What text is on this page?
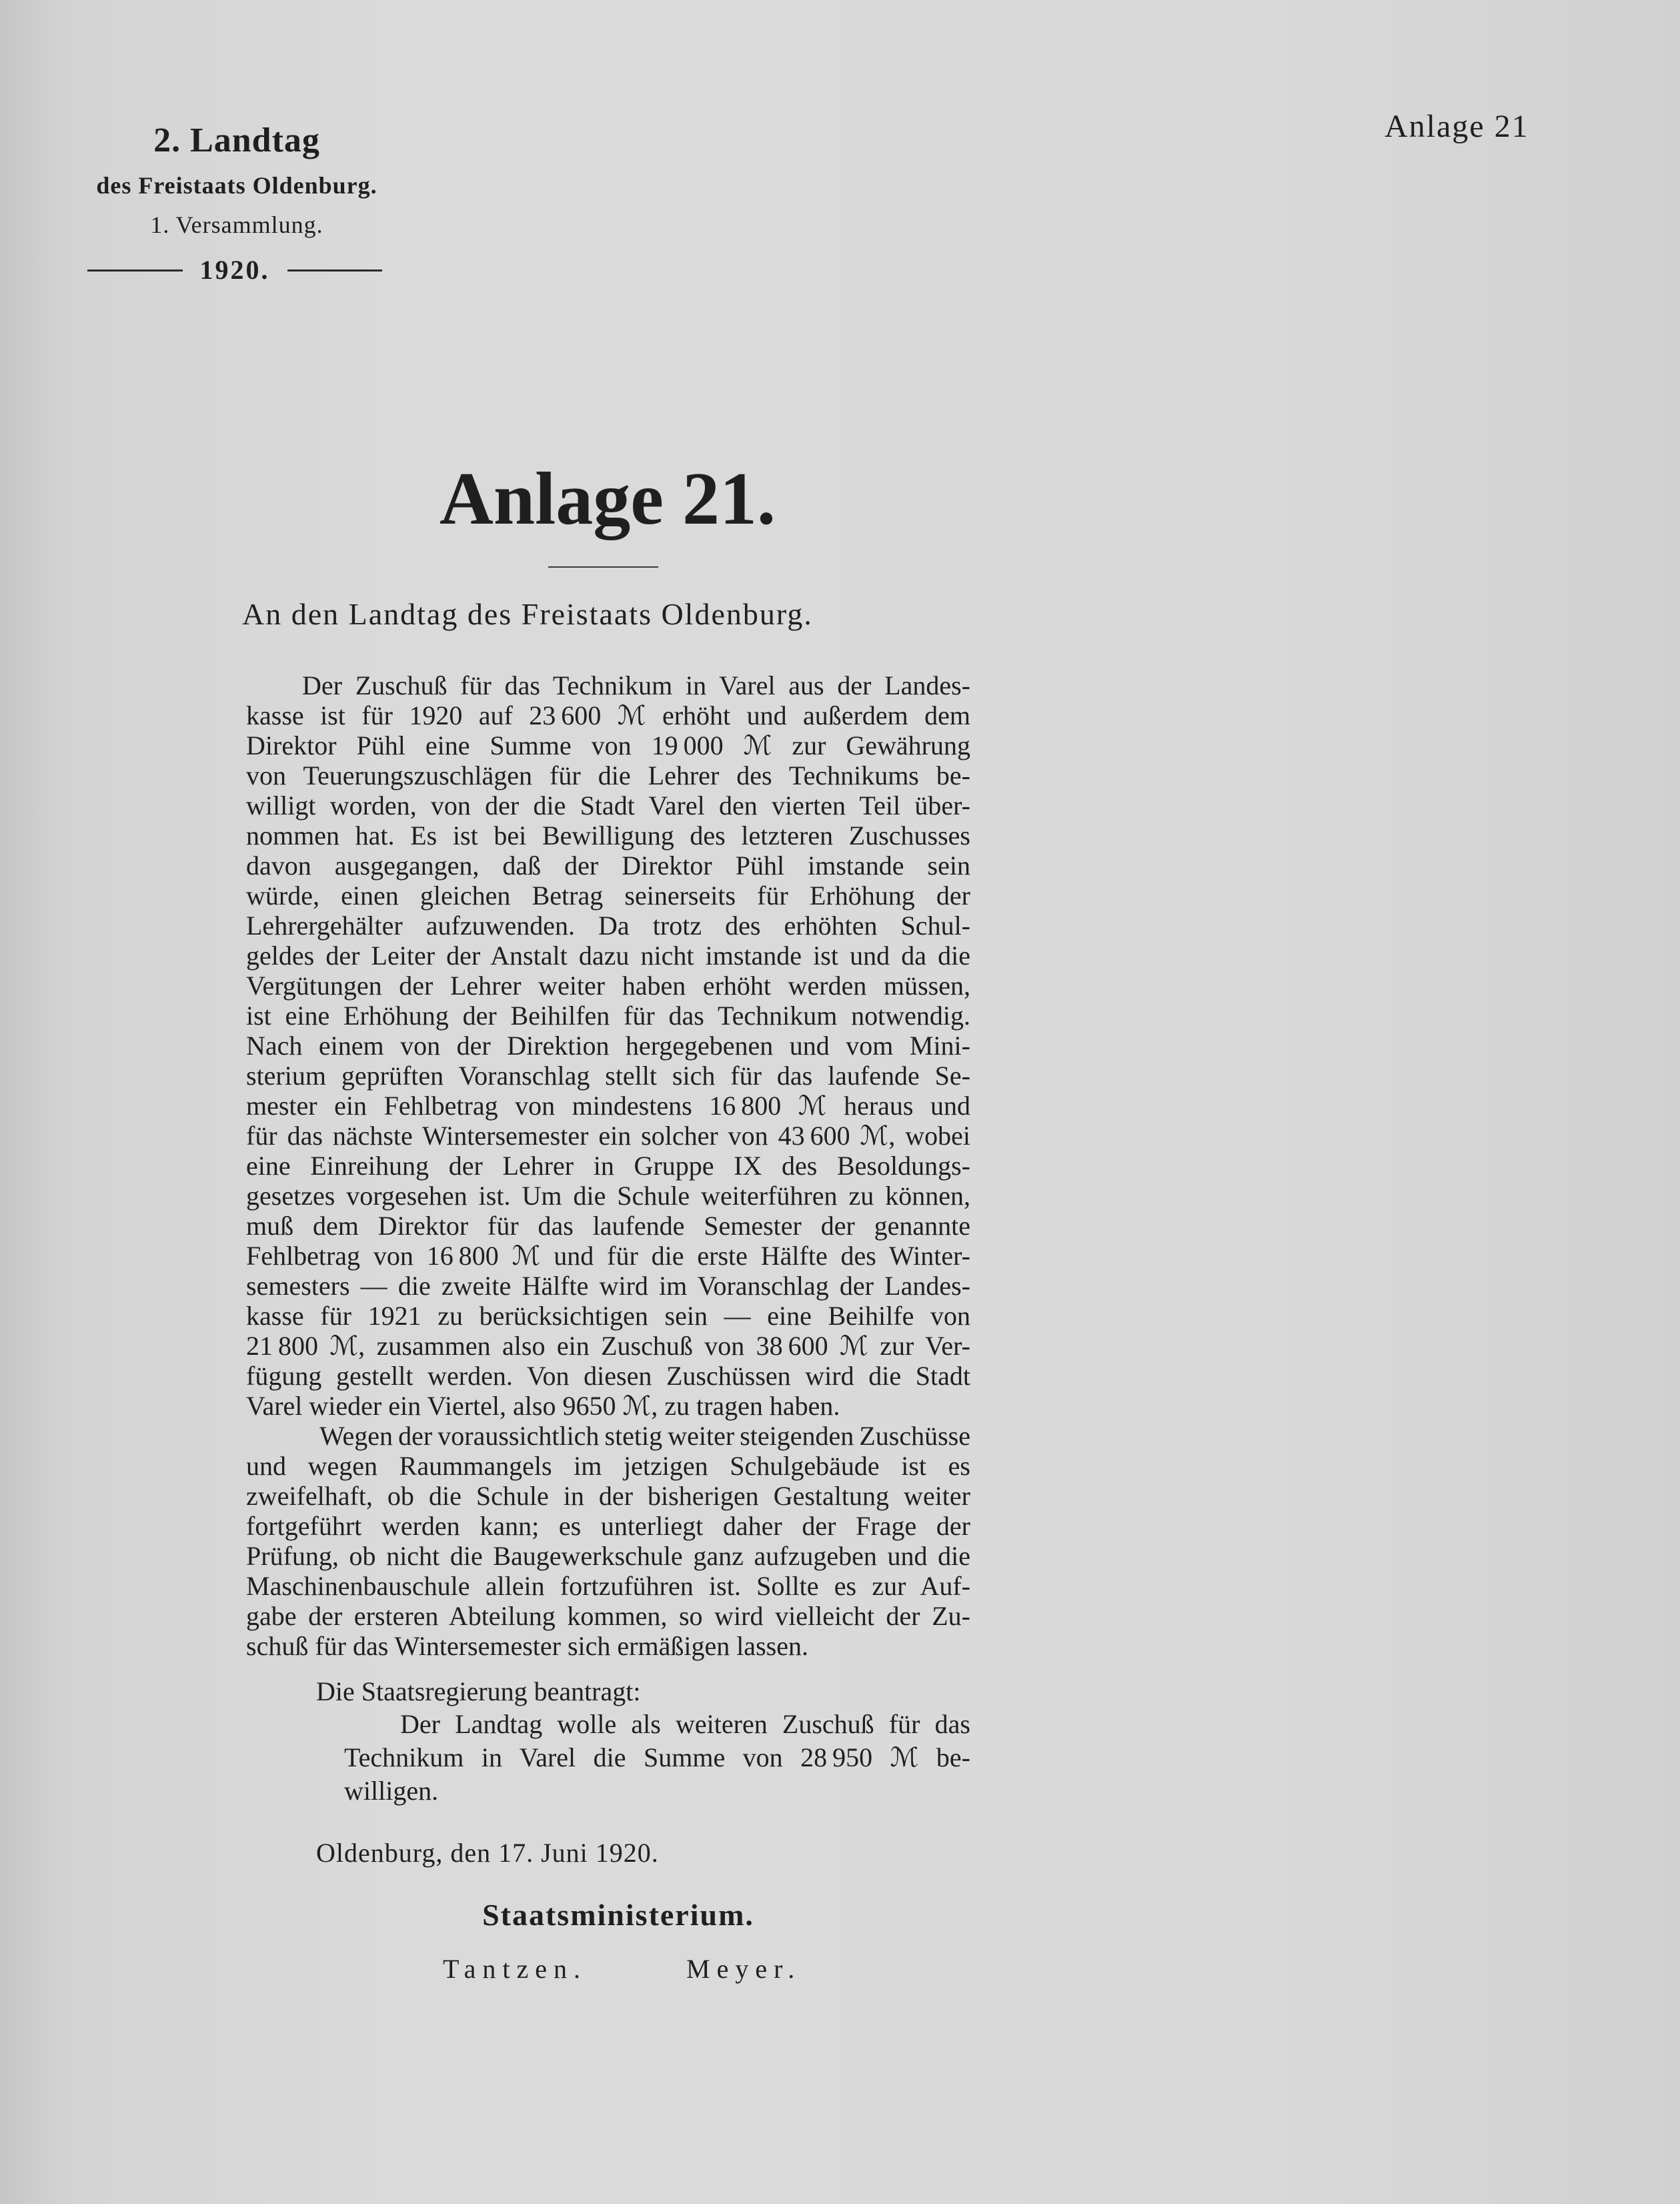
2. Landtag
des Freistaats Oldenburg.
1. Versammlung.
1920.
Anlage 21
Anlage 21.
An den Landtag des Freistaats Oldenburg.
Der Zuschuß für das Technikum in Varel aus der Landes-
kasse ist für 1920 auf 23 600 ℳ erhöht und außerdem dem
Direktor Pühl eine Summe von 19 000 ℳ zur Gewährung
von Teuerungszuschlägen für die Lehrer des Technikums be-
willigt worden, von der die Stadt Varel den vierten Teil über-
nommen hat. Es ist bei Bewilligung des letzteren Zuschusses
davon ausgegangen, daß der Direktor Pühl imstande sein
würde, einen gleichen Betrag seinerseits für Erhöhung der
Lehrergehälter aufzuwenden. Da trotz des erhöhten Schul-
geldes der Leiter der Anstalt dazu nicht imstande ist und da die
Vergütungen der Lehrer weiter haben erhöht werden müssen,
ist eine Erhöhung der Beihilfen für das Technikum notwendig.
Nach einem von der Direktion hergegebenen und vom Mini-
sterium geprüften Voranschlag stellt sich für das laufende Se-
mester ein Fehlbetrag von mindestens 16 800 ℳ heraus und
für das nächste Wintersemester ein solcher von 43 600 ℳ, wobei
eine Einreihung der Lehrer in Gruppe IX des Besoldungs-
gesetzes vorgesehen ist. Um die Schule weiterführen zu können,
muß dem Direktor für das laufende Semester der genannte
Fehlbetrag von 16 800 ℳ und für die erste Hälfte des Winter-
semesters — die zweite Hälfte wird im Voranschlag der Landes-
kasse für 1921 zu berücksichtigen sein — eine Beihilfe von
21 800 ℳ, zusammen also ein Zuschuß von 38 600 ℳ zur Ver-
fügung gestellt werden. Von diesen Zuschüssen wird die Stadt
Varel wieder ein Viertel, also 9650 ℳ, zu tragen haben.
Wegen der voraussichtlich stetig weiter steigenden Zuschüsse
und wegen Raummangels im jetzigen Schulgebäude ist es
zweifelhaft, ob die Schule in der bisherigen Gestaltung weiter
fortgeführt werden kann; es unterliegt daher der Frage der
Prüfung, ob nicht die Baugewerkschule ganz aufzugeben und die
Maschinenbauschule allein fortzuführen ist. Sollte es zur Auf-
gabe der ersteren Abteilung kommen, so wird vielleicht der Zu-
schuß für das Wintersemester sich ermäßigen lassen.
Die Staatsregierung beantragt:
Der Landtag wolle als weiteren Zuschuß für das
Technikum in Varel die Summe von 28 950 ℳ be-
willigen.
Oldenburg, den 17. Juni 1920.
Staatsministerium.
Tantzen.	Meyer.
